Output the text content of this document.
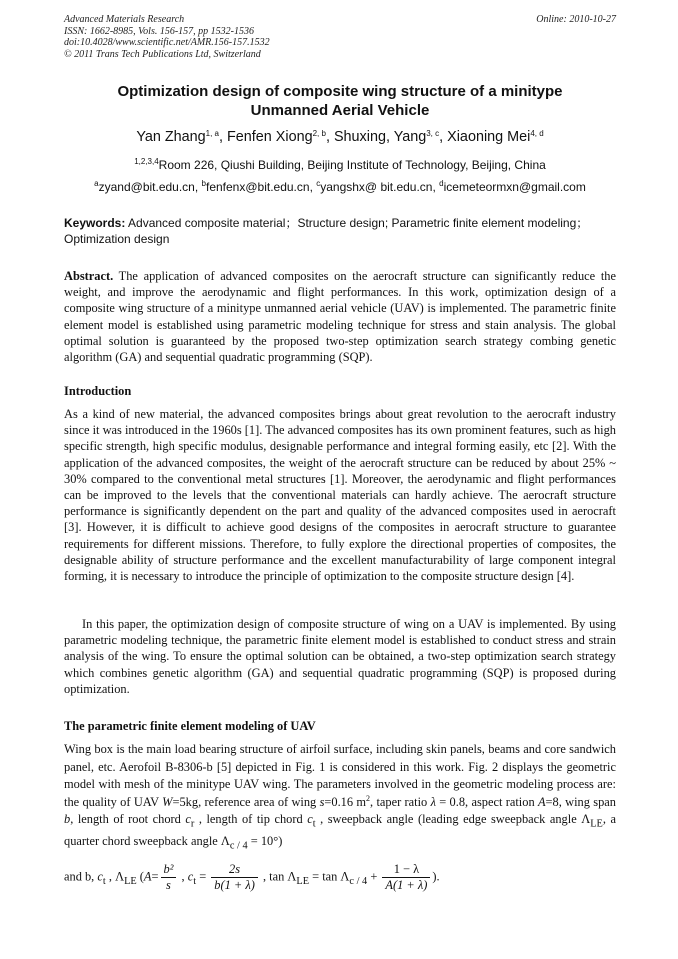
Advanced Materials Research
ISSN: 1662-8985, Vols. 156-157, pp 1532-1536
doi:10.4028/www.scientific.net/AMR.156-157.1532
© 2011 Trans Tech Publications Ltd, Switzerland
Online: 2010-10-27
Optimization design of composite wing structure of a minitype
Unmanned Aerial Vehicle
Yan Zhang$^{1, a}$, Fenfen Xiong$^{2, b}$, Shuxing, Yang$^{3, c}$, Xiaoning Mei$^{4, d}$
$^{1,2,3,4}$Room 226, Qiushi Building, Beijing Institute of Technology, Beijing, China
$^a$zyand@bit.edu.cn, $^b$fenfenx@bit.edu.cn, $^c$yangshx@ bit.edu.cn, $^d$icemeteormxn@gmail.com
Keywords: Advanced composite material；Structure design; Parametric finite element modeling；Optimization design
Abstract. The application of advanced composites on the aerocraft structure can significantly reduce the weight, and improve the aerodynamic and flight performances. In this work, optimization design of a composite wing structure of a minitype unmanned aerial vehicle (UAV) is implemented. The parametric finite element model is established using parametric modeling technique for stress and stain analysis. The global optimal solution is guaranteed by the proposed two-step optimization search strategy combing genetic algorithm (GA) and sequential quadratic programming (SQP).
Introduction
As a kind of new material, the advanced composites brings about great revolution to the aerocraft industry since it was introduced in the 1960s [1]. The advanced composites has its own prominent features, such as high specific strength, high specific modulus, designable performance and integral forming easily, etc [2]. With the application of the advanced composites, the weight of the aerocraft structure can be reduced by about 25% ~ 30% compared to the conventional metal structures [1]. Moreover, the aerodynamic and flight performances can be improved to the levels that the conventional materials can hardly achieve. The aerocraft structure performance is significantly dependent on the part and quality of the advanced composites used in aerocraft [3]. However, it is difficult to achieve good designs of the composites in aerocraft structure to guarantee requirements for different missions. Therefore, to fully explore the directional properties of composites, the designable ability of structure performance and the excellent manufacturability of large component integral forming, it is necessary to introduce the principle of optimization to the composite structure design [4].
In this paper, the optimization design of composite structure of wing on a UAV is implemented. By using parametric modeling technique, the parametric finite element model is established to conduct stress and strain analysis of the wing. To ensure the optimal solution can be obtained, a two-step optimization search strategy which combines genetic algorithm (GA) and sequential quadratic programming (SQP) is proposed during optimization.
The parametric finite element modeling of UAV
Wing box is the main load bearing structure of airfoil surface, including skin panels, beams and core sandwich panel, etc. Aerofoil B-8306-b [5] depicted in Fig. 1 is considered in this work. Fig. 2 displays the geometric model with mesh of the minitype UAV wing. The parameters involved in the geometric modeling process are: the quality of UAV W=5kg, reference area of wing s=0.16 $m^2$, taper ratio λ = 0.8, aspect ration A=8, wing span b, length of root chord $c_r$ , length of tip chord $c_t$ , sweepback angle (leading edge sweepback angle $\Lambda_{LE}$, a quarter chord sweepback angle $\Lambda_{c / 4} = 10^\circ$)
and b, $c_t$ , $\Lambda_{LE}$ ($A= \frac{\text{b²}}{s}$ , $c_t = \frac{2s}{b(1 + \lambda)}$ , $\tan \Lambda_{LE} = \tan \Lambda_{c / 4} + \frac{1 - \lambda}{A(1 + \lambda)}$ ).
